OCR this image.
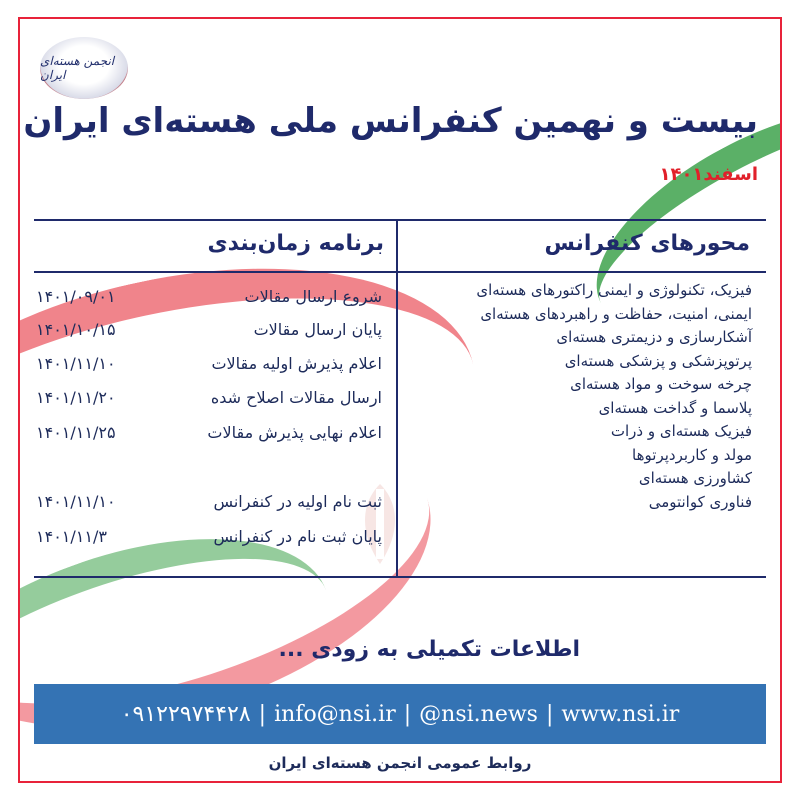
انجمن هسته‌ای ایران
بیست و نهمین کنفرانس ملی هسته‌ای ایران
اسفند۱۴۰۱
محورهای کنفرانس
برنامه زمان‌بندی
فیزیک، تکنولوژی و ایمنی راکتورهای هسته‌ای
ایمنی، امنیت، حفاظت و راهبردهای هسته‌ای
آشکارسازی و دزیمتری هسته‌ای
پرتوپزشکی و پزشکی هسته‌ای
چرخه سوخت و مواد هسته‌ای
پلاسما و گداخت هسته‌ای
فیزیک هسته‌ای و ذرات
مولد و کاربردپرتوها
کشاورزی هسته‌ای
فناوری کوانتومی
شروع ارسال مقالات
۱۴۰۱/۰۹/۰۱
پایان ارسال مقالات
۱۴۰۱/۱۰/۱۵
اعلام پذیرش اولیه مقالات
۱۴۰۱/۱۱/۱۰
ارسال مقالات اصلاح شده
۱۴۰۱/۱۱/۲۰
اعلام نهایی پذیرش مقالات
۱۴۰۱/۱۱/۲۵
ثبت نام اولیه در کنفرانس
۱۴۰۱/۱۱/۱۰
پایان ثبت نام در کنفرانس
۱۴۰۱/۱۱/۳
اطلاعات تکمیلی به زودی ...
۰۹۱۲۲۹۷۴۴۲۸ | info@nsi.ir | @nsi.news | www.nsi.ir
روابط عمومی انجمن هسته‌ای ایران
